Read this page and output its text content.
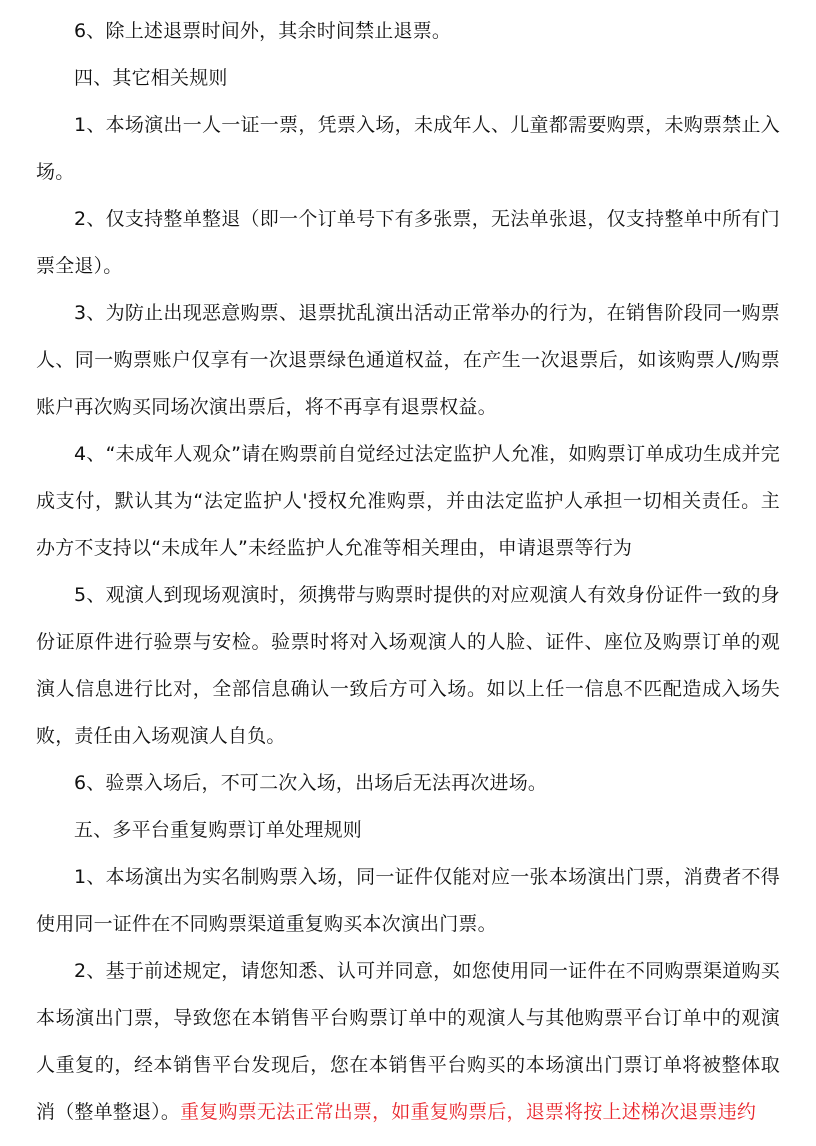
6、除上述退票时间外，其余时间禁止退票。

四、其它相关规则

1、本场演出一人一证一票，凭票入场，未成年人、儿童都需要购票，未购票禁止入场。

2、仅支持整单整退（即一个订单号下有多张票，无法单张退，仅支持整单中所有门票全退）。

3、为防止出现恶意购票、退票扰乱演出活动正常举办的行为，在销售阶段同一购票人、同一购票账户仅享有一次退票绿色通道权益，在产生一次退票后，如该购票人/购票账户再次购买同场次演出票后，将不再享有退票权益。

4、“未成年人观众”请在购票前自觉经过法定监护人允准，如购票订单成功生成并完成支付，默认其为“法定监护人'授权允准购票，并由法定监护人承担一切相关责任。主办方不支持以“未成年人”未经监护人允准等相关理由，申请退票等行为

5、观演人到现场观演时，须携带与购票时提供的对应观演人有效身份证件一致的身份证原件进行验票与安检。验票时将对入场观演人的人脸、证件、座位及购票订单的观演人信息进行比对，全部信息确认一致后方可入场。如以上任一信息不匹配造成入场失败，责任由入场观演人自负。

6、验票入场后，不可二次入场，出场后无法再次进场。

五、多平台重复购票订单处理规则

1、本场演出为实名制购票入场，同一证件仅能对应一张本场演出门票，消费者不得使用同一证件在不同购票渠道重复购买本次演出门票。

2、基于前述规定，请您知悉、认可并同意，如您使用同一证件在不同购票渠道购买本场演出门票，导致您在本销售平台购票订单中的观演人与其他购票平台订单中的观演人重复的，经本销售平台发现后，您在本销售平台购买的本场演出门票订单将被整体取消（整单整退）。重复购票无法正常出票，如重复购票后，退票将按上述梯次退票违约
